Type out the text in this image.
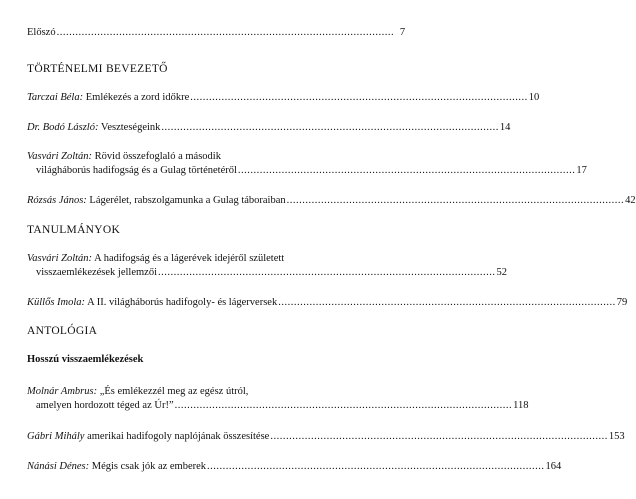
Előszó ............................................................................................................ 7
TÖRTÉNELMI BEVEZETŐ
Tarczai Béla: Emlékezés a zord időkre ............................................................................................................ 10
Dr. Bodó László: Veszteségeink ............................................................................................................ 14
Vasvári Zoltán: Rövid összefoglaló a második
világháborús hadifogság és a Gulag történetéről ............................................................................................................ 17
Rózsás János: Lágerélet, rabszolgamunka a Gulag táboraiban ............................................................................................................ 42
TANULMÁNYOK
Vasvári Zoltán: A hadifogság és a lágerévek idejéről született
visszaemlékezések jellemzői ............................................................................................................ 52
Küllős Imola: A II. világháborús hadifogoly- és lágerversek ............................................................................................................ 79
ANTOLÓGIA
Hosszú visszaemlékezések
Molnár Ambrus: „És emlékezzél meg az egész útról,
amelyen hordozott téged az Úr!” ............................................................................................................ 118
Gábri Mihály amerikai hadifogoly naplójának összesítése ............................................................................................................ 153
Nánási Dénes: Mégis csak jók az emberek ............................................................................................................ 164
